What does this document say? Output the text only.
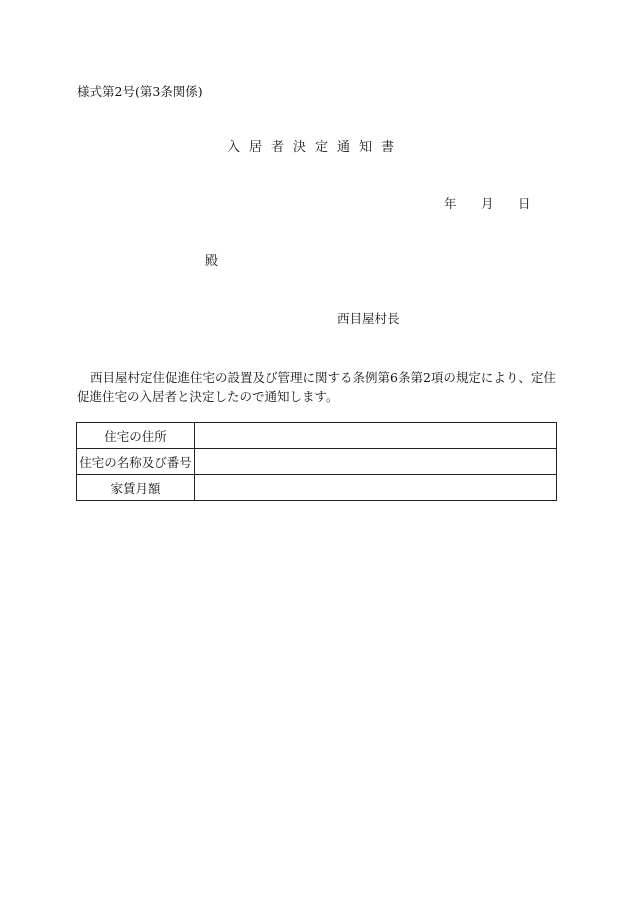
様式第2号(第3条関係)
入居者決定通知書
年 月 日
殿
西目屋村長
西目屋村定住促進住宅の設置及び管理に関する条例第6条第2項の規定により、定住促進住宅の入居者と決定したので通知します。
住宅の住所	
住宅の名称及び番号	
家賃月額	
